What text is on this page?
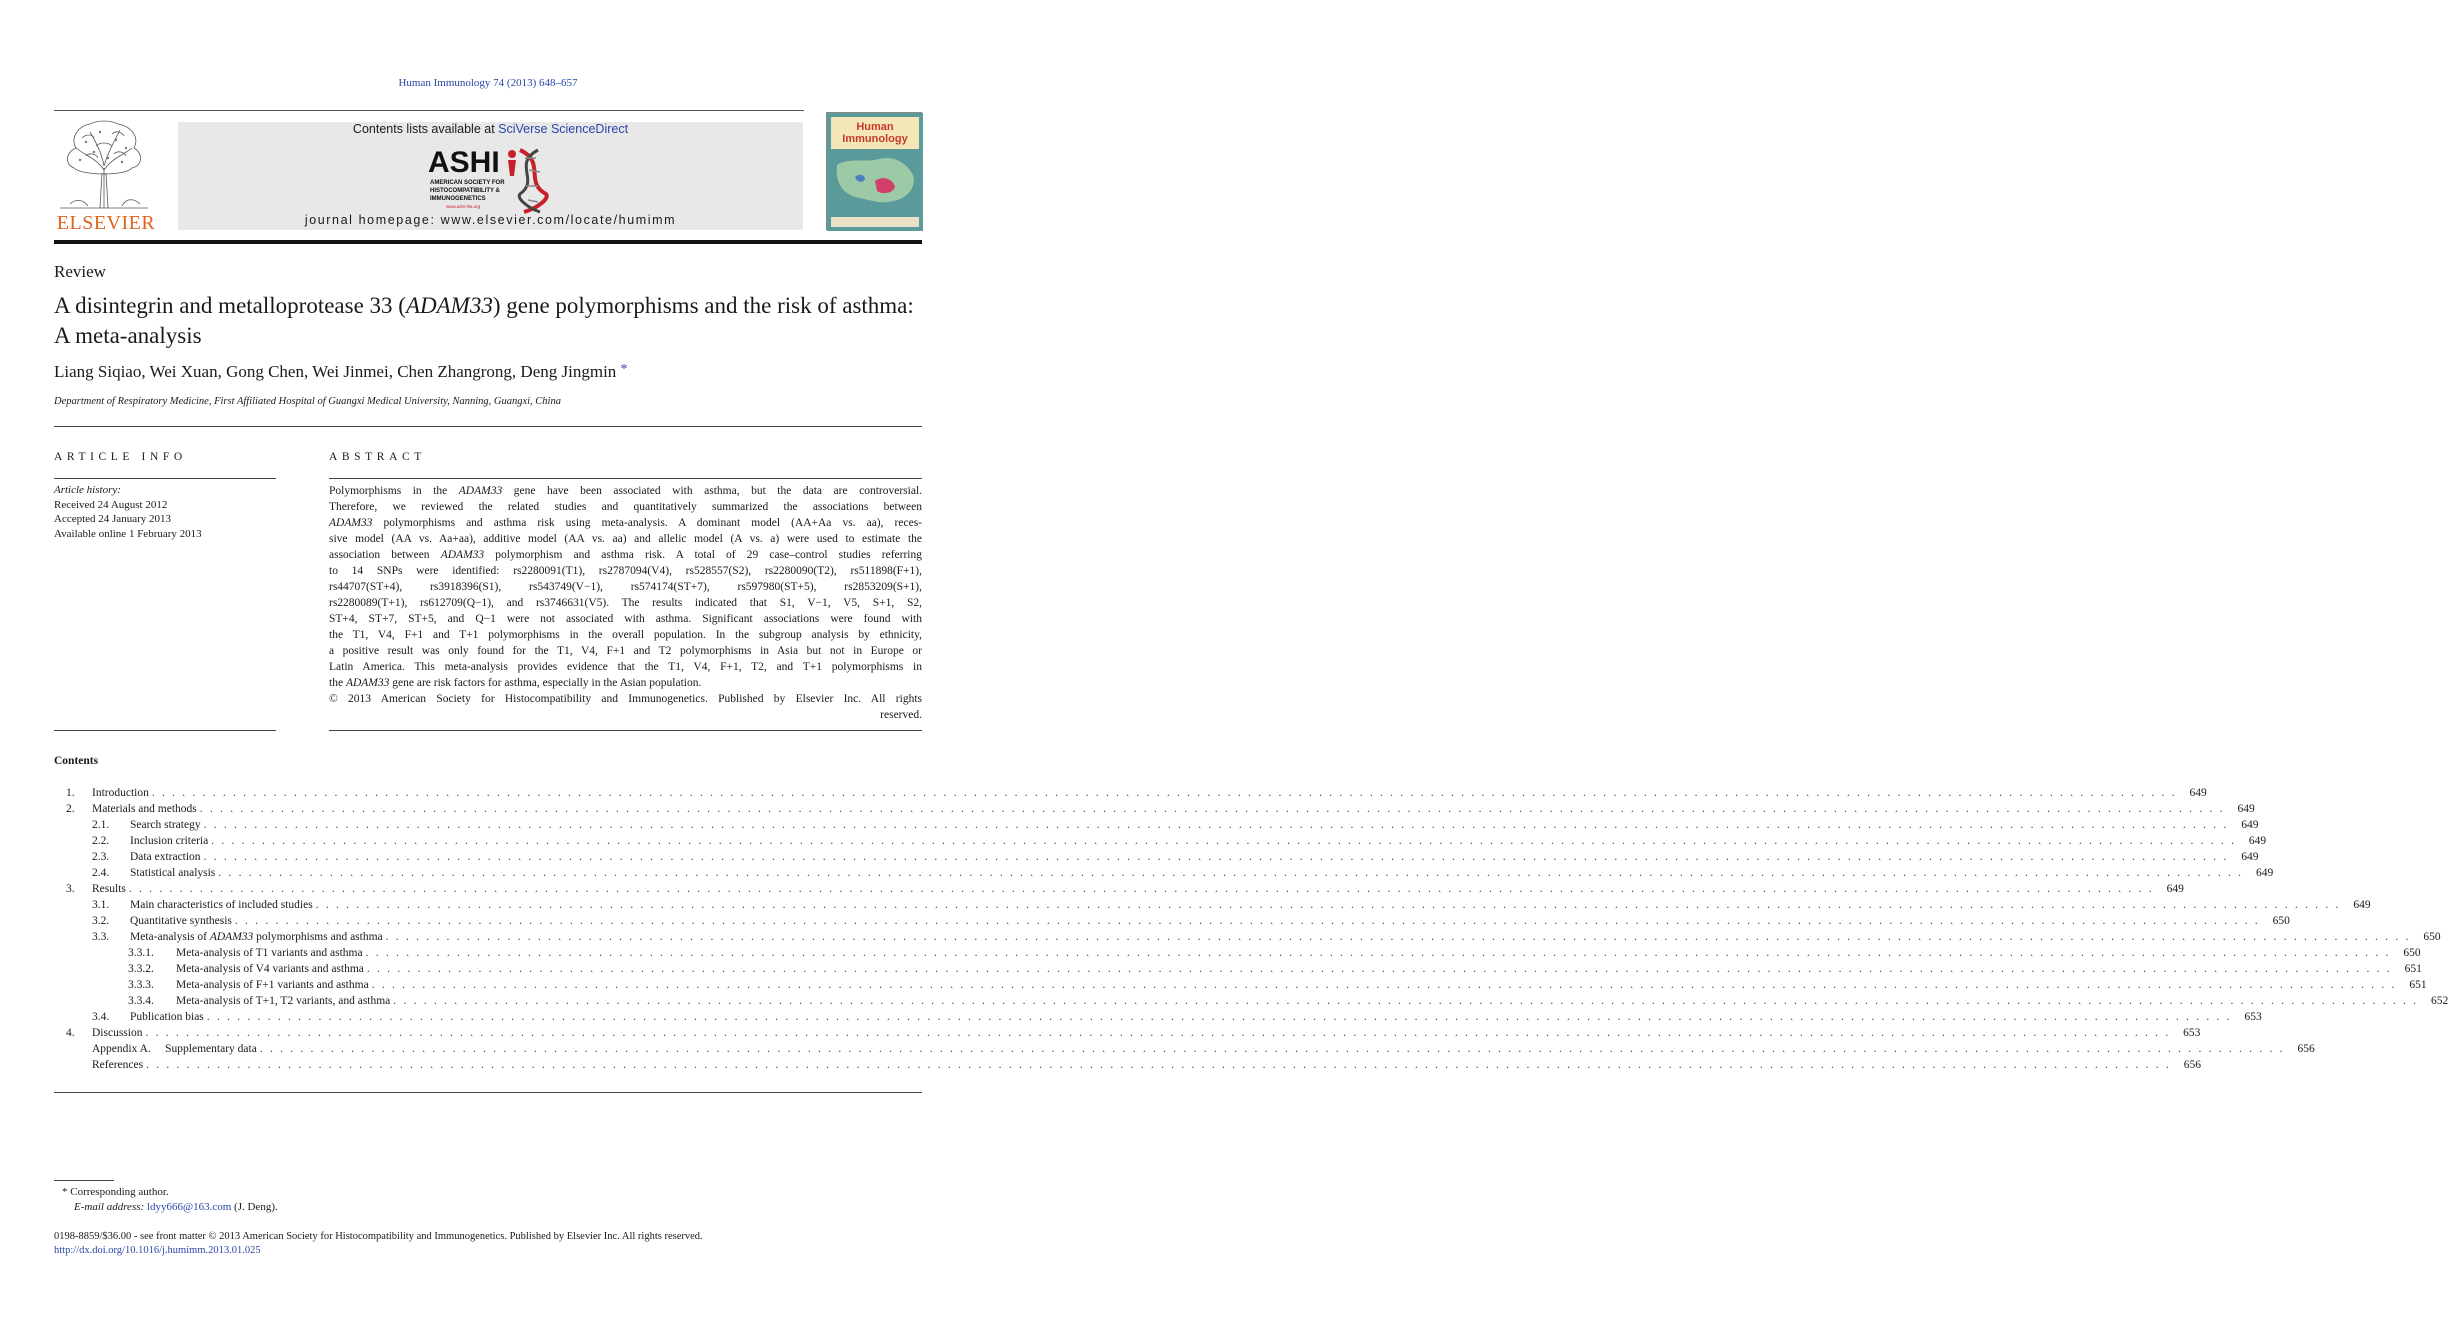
Human Immunology 74 (2013) 648–657
ELSEVIER
Contents lists available at SciVerse ScienceDirect
ASHI
AMERICAN SOCIETY FOR
HISTOCOMPATIBILITY &
IMMUNOGENETICS
www.ashi-hla.org
journal homepage: www.elsevier.com/locate/humimm
Human
Immunology
Review
A disintegrin and metalloprotease 33 (ADAM33) gene polymorphisms and the risk of asthma: A meta-analysis
Liang Siqiao, Wei Xuan, Gong Chen, Wei Jinmei, Chen Zhangrong, Deng Jingmin *
Department of Respiratory Medicine, First Affiliated Hospital of Guangxi Medical University, Nanning, Guangxi, China
ARTICLE INFO
Article history:
Received 24 August 2012
Accepted 24 January 2013
Available online 1 February 2013
ABSTRACT

Polymorphisms in the ADAM33 gene have been associated with asthma, but the data are controversial.

Therefore, we reviewed the related studies and quantitatively summarized the associations between

ADAM33 polymorphisms and asthma risk using meta-analysis. A dominant model (AA+Aa vs. aa), reces-

sive model (AA vs. Aa+aa), additive model (AA vs. aa) and allelic model (A vs. a) were used to estimate the

association between ADAM33 polymorphism and asthma risk. A total of 29 case–control studies referring

to 14 SNPs were identified: rs2280091(T1), rs2787094(V4), rs528557(S2), rs2280090(T2), rs511898(F+1),

rs44707(ST+4), rs3918396(S1), rs543749(V−1), rs574174(ST+7), rs597980(ST+5), rs2853209(S+1),

rs2280089(T+1), rs612709(Q−1), and rs3746631(V5). The results indicated that S1, V−1, V5, S+1, S2,

ST+4, ST+7, ST+5, and Q−1 were not associated with asthma. Significant associations were found with

the T1, V4, F+1 and T+1 polymorphisms in the overall population. In the subgroup analysis by ethnicity,

a positive result was only found for the T1, V4, F+1 and T2 polymorphisms in Asia but not in Europe or

Latin America. This meta-analysis provides evidence that the T1, V4, F+1, T2, and T+1 polymorphisms in

the ADAM33 gene are risk factors for asthma, especially in the Asian population.

© 2013 American Society for Histocompatibility and Immunogenetics. Published by Elsevier Inc. All rights

reserved.

Contents
1.	Introduction . . . . . . . . . . . . . . . . . . . . . . . . . . . . . . . . . . . . . . . . . . . . . . . . . . . . . . . . . . . . . . . . . . . . . . . . . . . . . . . . . . . . . . . . . . . . . . . . . . . . . . . . . . . . . . . . . . . . . . . . . . . . . . . . . . . . . . . . . . . . . . . . . . . . . . . . . . . . . . . . . . . . . . . . . . . . . . . . . . . . . . . . . . . . . . . . . . . . . . . .	649
2.	Materials and methods . . . . . . . . . . . . . . . . . . . . . . . . . . . . . . . . . . . . . . . . . . . . . . . . . . . . . . . . . . . . . . . . . . . . . . . . . . . . . . . . . . . . . . . . . . . . . . . . . . . . . . . . . . . . . . . . . . . . . . . . . . . . . . . . . . . . . . . . . . . . . . . . . . . . . . . . . . . . . . . . . . . . . . . . . . . . . . . . . . . . . . . . . . . . . . . . . . . . . . . .	649
2.1.	Search strategy . . . . . . . . . . . . . . . . . . . . . . . . . . . . . . . . . . . . . . . . . . . . . . . . . . . . . . . . . . . . . . . . . . . . . . . . . . . . . . . . . . . . . . . . . . . . . . . . . . . . . . . . . . . . . . . . . . . . . . . . . . . . . . . . . . . . . . . . . . . . . . . . . . . . . . . . . . . . . . . . . . . . . . . . . . . . . . . . . . . . . . . . . . . . . . . . . . . . . . . .	649
2.2.	Inclusion criteria . . . . . . . . . . . . . . . . . . . . . . . . . . . . . . . . . . . . . . . . . . . . . . . . . . . . . . . . . . . . . . . . . . . . . . . . . . . . . . . . . . . . . . . . . . . . . . . . . . . . . . . . . . . . . . . . . . . . . . . . . . . . . . . . . . . . . . . . . . . . . . . . . . . . . . . . . . . . . . . . . . . . . . . . . . . . . . . . . . . . . . . . . . . . . . . . . . . . . . . .	649
2.3.	Data extraction . . . . . . . . . . . . . . . . . . . . . . . . . . . . . . . . . . . . . . . . . . . . . . . . . . . . . . . . . . . . . . . . . . . . . . . . . . . . . . . . . . . . . . . . . . . . . . . . . . . . . . . . . . . . . . . . . . . . . . . . . . . . . . . . . . . . . . . . . . . . . . . . . . . . . . . . . . . . . . . . . . . . . . . . . . . . . . . . . . . . . . . . . . . . . . . . . . . . . . . .	649
2.4.	Statistical analysis . . . . . . . . . . . . . . . . . . . . . . . . . . . . . . . . . . . . . . . . . . . . . . . . . . . . . . . . . . . . . . . . . . . . . . . . . . . . . . . . . . . . . . . . . . . . . . . . . . . . . . . . . . . . . . . . . . . . . . . . . . . . . . . . . . . . . . . . . . . . . . . . . . . . . . . . . . . . . . . . . . . . . . . . . . . . . . . . . . . . . . . . . . . . . . . . . . . . . . . .	649
3.	Results . . . . . . . . . . . . . . . . . . . . . . . . . . . . . . . . . . . . . . . . . . . . . . . . . . . . . . . . . . . . . . . . . . . . . . . . . . . . . . . . . . . . . . . . . . . . . . . . . . . . . . . . . . . . . . . . . . . . . . . . . . . . . . . . . . . . . . . . . . . . . . . . . . . . . . . . . . . . . . . . . . . . . . . . . . . . . . . . . . . . . . . . . . . . . . . . . . . . . . . .	649
3.1.	Main characteristics of included studies . . . . . . . . . . . . . . . . . . . . . . . . . . . . . . . . . . . . . . . . . . . . . . . . . . . . . . . . . . . . . . . . . . . . . . . . . . . . . . . . . . . . . . . . . . . . . . . . . . . . . . . . . . . . . . . . . . . . . . . . . . . . . . . . . . . . . . . . . . . . . . . . . . . . . . . . . . . . . . . . . . . . . . . . . . . . . . . . . . . . . . . . . . . . . . . . . . . . . . . .	649
3.2.	Quantitative synthesis . . . . . . . . . . . . . . . . . . . . . . . . . . . . . . . . . . . . . . . . . . . . . . . . . . . . . . . . . . . . . . . . . . . . . . . . . . . . . . . . . . . . . . . . . . . . . . . . . . . . . . . . . . . . . . . . . . . . . . . . . . . . . . . . . . . . . . . . . . . . . . . . . . . . . . . . . . . . . . . . . . . . . . . . . . . . . . . . . . . . . . . . . . . . . . . . . . . . . . . .	650
3.3.	Meta-analysis of ADAM33 polymorphisms and asthma . . . . . . . . . . . . . . . . . . . . . . . . . . . . . . . . . . . . . . . . . . . . . . . . . . . . . . . . . . . . . . . . . . . . . . . . . . . . . . . . . . . . . . . . . . . . . . . . . . . . . . . . . . . . . . . . . . . . . . . . . . . . . . . . . . . . . . . . . . . . . . . . . . . . . . . . . . . . . . . . . . . . . . . . . . . . . . . . . . . . . . . . . . . . . . . . . . . . . . . .	650
3.3.1.	Meta-analysis of T1 variants and asthma . . . . . . . . . . . . . . . . . . . . . . . . . . . . . . . . . . . . . . . . . . . . . . . . . . . . . . . . . . . . . . . . . . . . . . . . . . . . . . . . . . . . . . . . . . . . . . . . . . . . . . . . . . . . . . . . . . . . . . . . . . . . . . . . . . . . . . . . . . . . . . . . . . . . . . . . . . . . . . . . . . . . . . . . . . . . . . . . . . . . . . . . . . . . . . . . . . . . . . . .	650
3.3.2.	Meta-analysis of V4 variants and asthma . . . . . . . . . . . . . . . . . . . . . . . . . . . . . . . . . . . . . . . . . . . . . . . . . . . . . . . . . . . . . . . . . . . . . . . . . . . . . . . . . . . . . . . . . . . . . . . . . . . . . . . . . . . . . . . . . . . . . . . . . . . . . . . . . . . . . . . . . . . . . . . . . . . . . . . . . . . . . . . . . . . . . . . . . . . . . . . . . . . . . . . . . . . . . . . . . . . . . . . .	651
3.3.3.	Meta-analysis of F+1 variants and asthma . . . . . . . . . . . . . . . . . . . . . . . . . . . . . . . . . . . . . . . . . . . . . . . . . . . . . . . . . . . . . . . . . . . . . . . . . . . . . . . . . . . . . . . . . . . . . . . . . . . . . . . . . . . . . . . . . . . . . . . . . . . . . . . . . . . . . . . . . . . . . . . . . . . . . . . . . . . . . . . . . . . . . . . . . . . . . . . . . . . . . . . . . . . . . . . . . . . . . . . .	651
3.3.4.	Meta-analysis of T+1, T2 variants, and asthma . . . . . . . . . . . . . . . . . . . . . . . . . . . . . . . . . . . . . . . . . . . . . . . . . . . . . . . . . . . . . . . . . . . . . . . . . . . . . . . . . . . . . . . . . . . . . . . . . . . . . . . . . . . . . . . . . . . . . . . . . . . . . . . . . . . . . . . . . . . . . . . . . . . . . . . . . . . . . . . . . . . . . . . . . . . . . . . . . . . . . . . . . . . . . . . . . . . . . . . .	652
3.4.	Publication bias . . . . . . . . . . . . . . . . . . . . . . . . . . . . . . . . . . . . . . . . . . . . . . . . . . . . . . . . . . . . . . . . . . . . . . . . . . . . . . . . . . . . . . . . . . . . . . . . . . . . . . . . . . . . . . . . . . . . . . . . . . . . . . . . . . . . . . . . . . . . . . . . . . . . . . . . . . . . . . . . . . . . . . . . . . . . . . . . . . . . . . . . . . . . . . . . . . . . . . . .	653
4.	Discussion . . . . . . . . . . . . . . . . . . . . . . . . . . . . . . . . . . . . . . . . . . . . . . . . . . . . . . . . . . . . . . . . . . . . . . . . . . . . . . . . . . . . . . . . . . . . . . . . . . . . . . . . . . . . . . . . . . . . . . . . . . . . . . . . . . . . . . . . . . . . . . . . . . . . . . . . . . . . . . . . . . . . . . . . . . . . . . . . . . . . . . . . . . . . . . . . . . . . . . . .	653
Appendix A.     Supplementary data . . . . . . . . . . . . . . . . . . . . . . . . . . . . . . . . . . . . . . . . . . . . . . . . . . . . . . . . . . . . . . . . . . . . . . . . . . . . . . . . . . . . . . . . . . . . . . . . . . . . . . . . . . . . . . . . . . . . . . . . . . . . . . . . . . . . . . . . . . . . . . . . . . . . . . . . . . . . . . . . . . . . . . . . . . . . . . . . . . . . . . . . . . . . . . . . . . . . . . . .	656
References . . . . . . . . . . . . . . . . . . . . . . . . . . . . . . . . . . . . . . . . . . . . . . . . . . . . . . . . . . . . . . . . . . . . . . . . . . . . . . . . . . . . . . . . . . . . . . . . . . . . . . . . . . . . . . . . . . . . . . . . . . . . . . . . . . . . . . . . . . . . . . . . . . . . . . . . . . . . . . . . . . . . . . . . . . . . . . . . . . . . . . . . . . . . . . . . . . . . . . . .	656
* Corresponding author.
E-mail address: ldyy666@163.com (J. Deng).
0198-8859/$36.00 - see front matter © 2013 American Society for Histocompatibility and Immunogenetics. Published by Elsevier Inc. All rights reserved.
http://dx.doi.org/10.1016/j.humimm.2013.01.025
